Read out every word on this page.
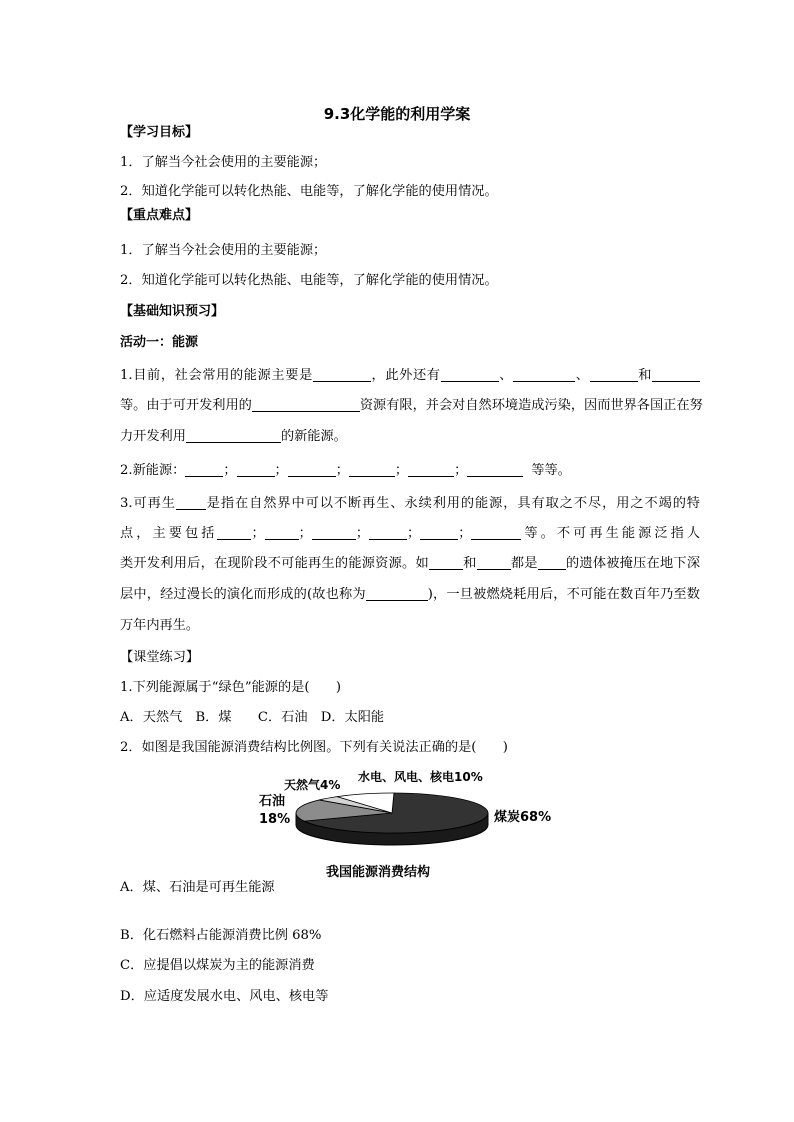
9.3化学能的利用学案
【学习目标】
1．了解当今社会使用的主要能源；
2．知道化学能可以转化热能、电能等，了解化学能的使用情况。
【重点难点】
1．了解当今社会使用的主要能源；
2．知道化学能可以转化热能、电能等，了解化学能的使用情况。
【基础知识预习】
活动一：能源
1.目前，社会常用的能源主要是	，此外还有	、	、	和
等。由于可开发利用的	资源有限，并会对自然环境造成污染，因而世界各国正在努
力开发利用	的新能源。
2.新能源：	；	；	；	；	；	等等。
3.可再生 是指在自然界中可以不断再生、永续利用的能源，具有取之不尽，用之不竭的特
点，主要包括	；	；	；	；	；	等。不可再生能源泛指人
类开发利用后，在现阶段不可能再生的能源资源。如	和	都是 的遗体被掩压在地下深
层中，经过漫长的演化而形成的(故也称为	)，一旦被燃烧耗用后，不可能在数百年乃至数
万年内再生。
【课堂练习】
1.下列能源属于“绿色”能源的是(　　)
A．天然气　B．煤　　C．石油　D．太阳能
2．如图是我国能源消费结构比例图。下列有关说法正确的是(　　)
石油
18%
天然气4%
水电、风电、核电10%
煤炭68%
我国能源消费结构
A．煤、石油是可再生能源
B．化石燃料占能源消费比例 68%
C．应提倡以煤炭为主的能源消费
D．应适度发展水电、风电、核电等
